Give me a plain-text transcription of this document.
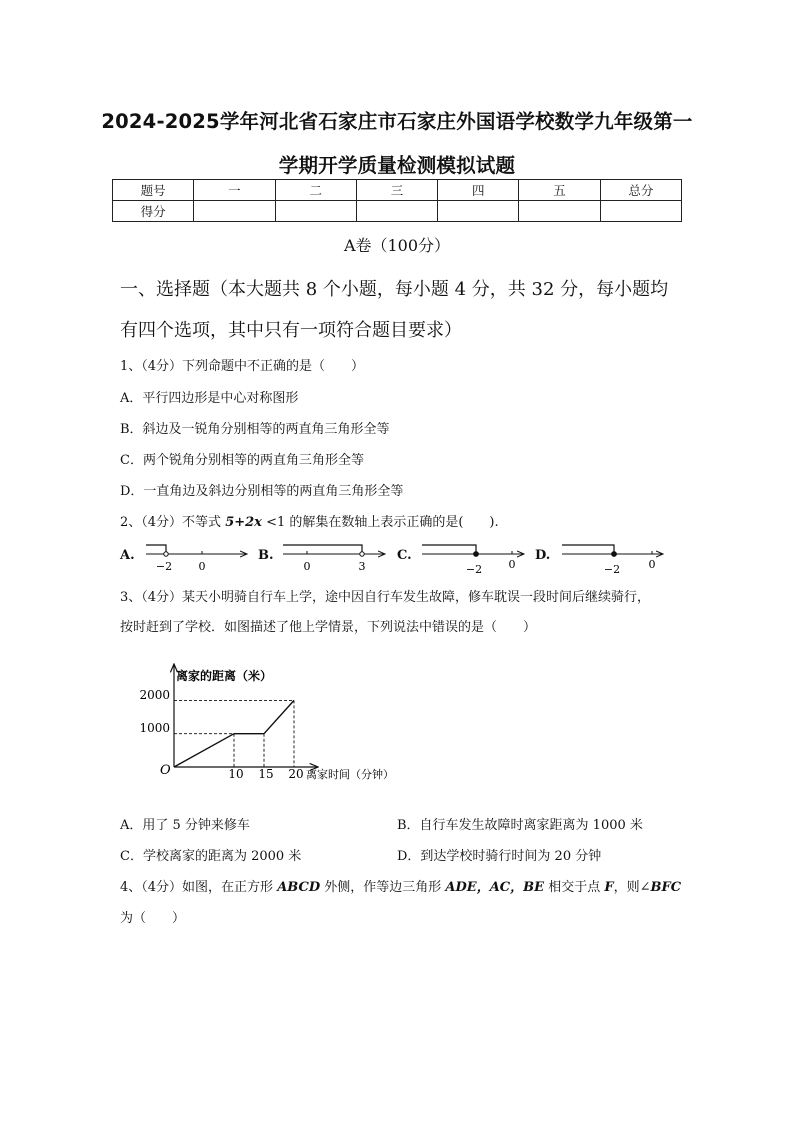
2024-2025学年河北省石家庄市石家庄外国语学校数学九年级第一
学期开学质量检测模拟试题
题号	一	二	三	四	五	总分
得分						
A卷（100分）
一、选择题（本大题共 8 个小题，每小题 4 分，共 32 分，每小题均
有四个选项，其中只有一项符合题目要求）
1、（4分）下列命题中不正确的是（　　）
A．平行四边形是中心对称图形
B．斜边及一锐角分别相等的两直角三角形全等
C．两个锐角分别相等的两直角三角形全等
D．一直角边及斜边分别相等的两直角三角形全等
2、（4分）不等式 5+2x <1 的解集在数轴上表示正确的是(　　).
A.	B.	C.	D.
−2 0	0	3	−2 0	−2	0
3、（4分）某天小明骑自行车上学，途中因自行车发生故障，修车耽误一段时间后继续骑行，
按时赶到了学校．如图描述了他上学情景，下列说法中错误的是（　　）
离家的距离（米）
离家时间（分钟）
O
2000
1000
10 15 20
A．用了 5 分钟来修车	B．自行车发生故障时离家距离为 1000 米
C．学校离家的距离为 2000 米	D．到达学校时骑行时间为 20 分钟
4、（4分）如图，在正方形 ABCD 外侧，作等边三角形 ADE，AC，BE 相交于点 F，则∠BFC
为（　　）
